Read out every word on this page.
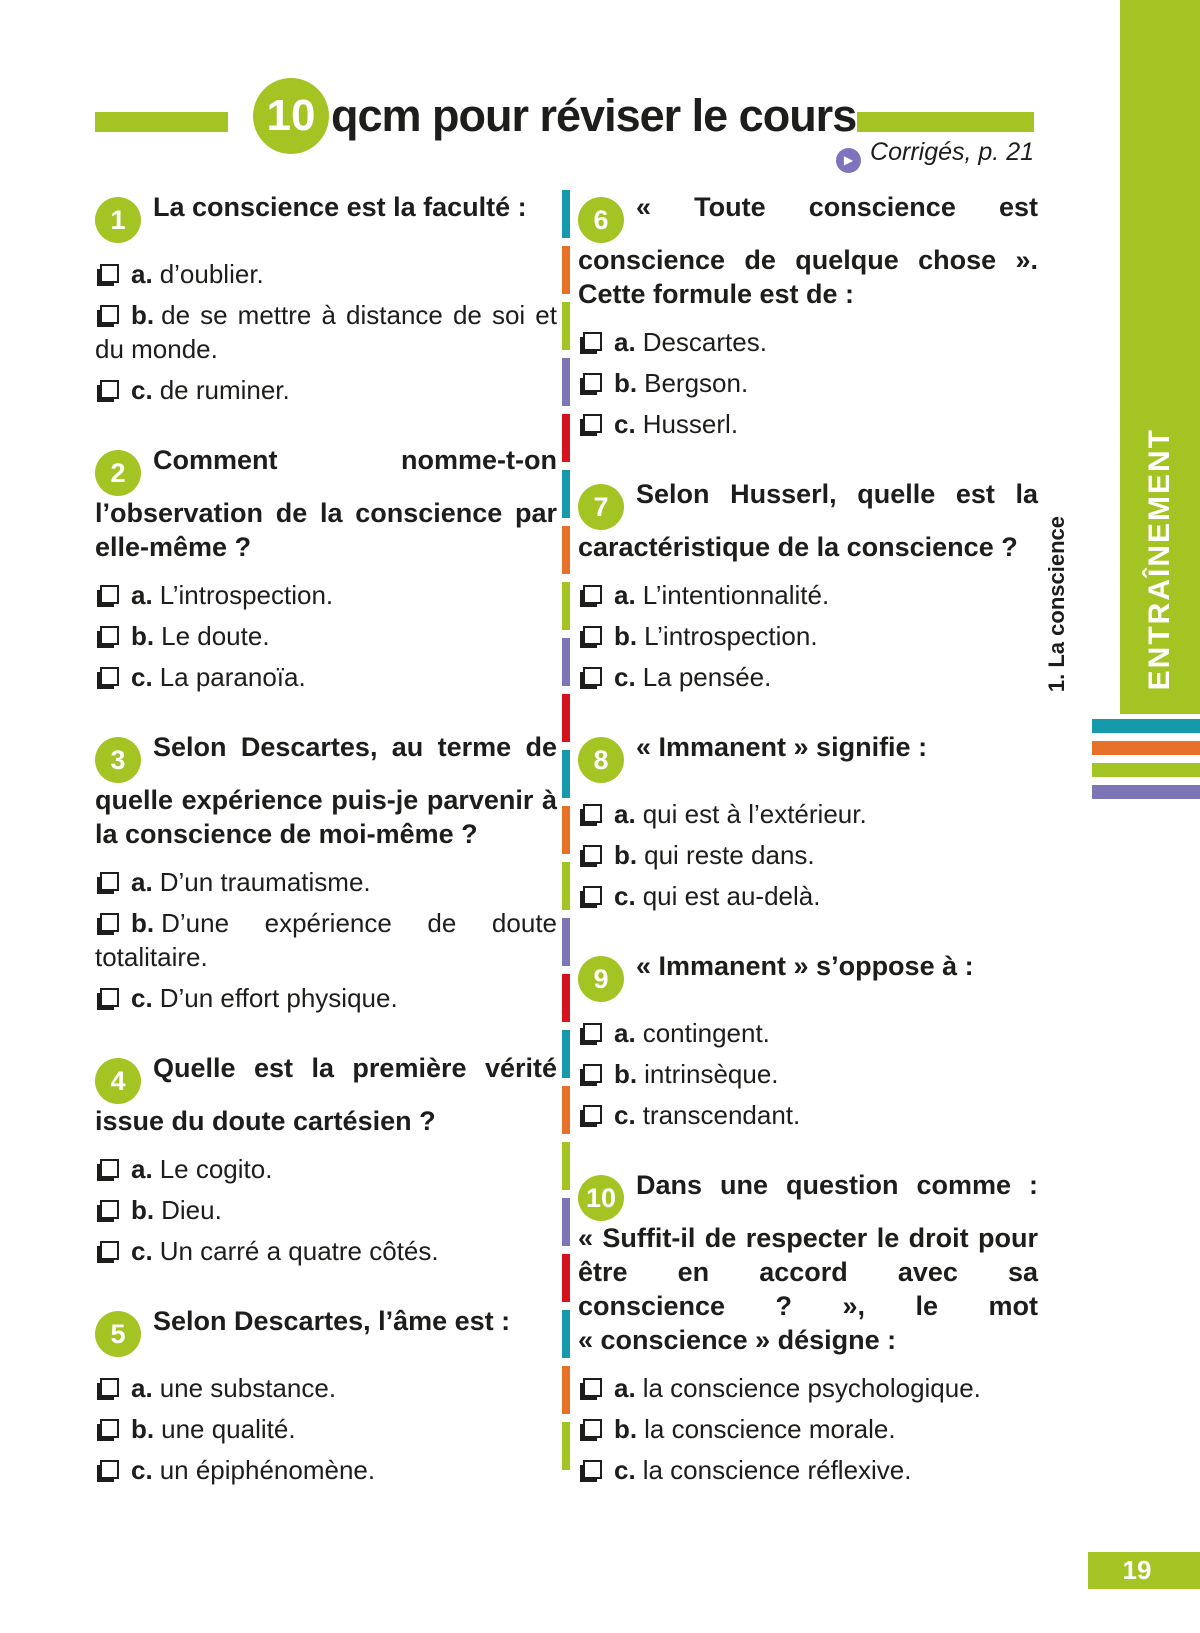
10 qcm pour réviser le cours
▶ Corrigés, p. 21

1 La conscience est la faculté :

a. d’oublier.

b. de se mettre à distance de soi et du monde.

c. de ruminer.

2 Comment nomme-t-on l’observation de la conscience par elle-même ?

a. L’introspection.

b. Le doute.

c. La paranoïa.

3 Selon Descartes, au terme de quelle expérience puis-je parvenir à la conscience de moi-même ?

a. D’un traumatisme.

b. D’une expérience de doute totalitaire.

c. D’un effort physique.

4 Quelle est la première vérité issue du doute cartésien ?

a. Le cogito.

b. Dieu.

c. Un carré a quatre côtés.

5 Selon Descartes, l’âme est :

a. une substance.

b. une qualité.

c. un épiphénomène.

6 « Toute conscience est conscience de quelque chose ». Cette formule est de :

a. Descartes.

b. Bergson.

c. Husserl.

7 Selon Husserl, quelle est la caractéristique de la conscience ?

a. L’intentionnalité.

b. L’introspection.

c. La pensée.

8 « Immanent » signifie :

a. qui est à l’extérieur.

b. qui reste dans.

c. qui est au-delà.

9 « Immanent » s’oppose à :

a. contingent.

b. intrinsèque.

c. transcendant.

10 Dans une question comme : « Suffit-il de respecter le droit pour être en accord avec sa conscience ? », le mot « conscience » désigne :

a. la conscience psychologique.

b. la conscience morale.

c. la conscience réflexive.

ENTRAÎNEMENT
1. La conscience
19
